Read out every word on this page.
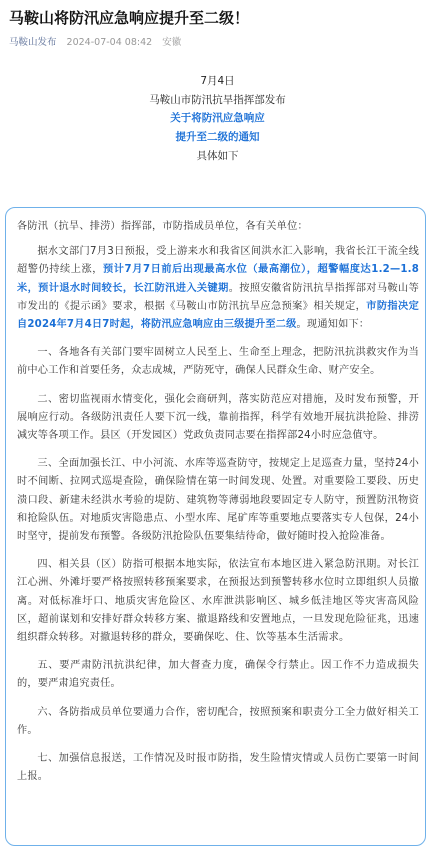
马鞍山将防汛应急响应提升至二级！
马鞍山发布 2024-07-04 08:42 安徽
7月4日
马鞍山市防汛抗旱指挥部发布
关于将防汛应急响应
提升至二级的通知
具体如下

各防汛（抗旱、排涝）指挥部，市防指成员单位，各有关单位：

据水文部门7月3日预报，受上游来水和我省区间洪水汇入影响，我省长江干流全线超警仍持续上涨，预计7月7日前后出现最高水位（最高潮位），超警幅度达1.2—1.8米，预计退水时间较长，长江防汛进入关键期。按照安徽省防汛抗旱指挥部对马鞍山等市发出的《提示函》要求，根据《马鞍山市防汛抗旱应急预案》相关规定，市防指决定自2024年7月4日7时起，将防汛应急响应由三级提升至二级。现通知如下：

一、各地各有关部门要牢固树立人民至上、生命至上理念，把防汛抗洪救灾作为当前中心工作和首要任务，众志成城，严防死守，确保人民群众生命、财产安全。

二、密切监视雨水情变化，强化会商研判，落实防范应对措施，及时发布预警，开展响应行动。各级防汛责任人要下沉一线，靠前指挥，科学有效地开展抗洪抢险、排涝减灾等各项工作。县区（开发园区）党政负责同志要在指挥部24小时应急值守。

三、全面加强长江、中小河流、水库等巡查防守，按规定上足巡查力量，坚持24小时不间断、拉网式巡堤查险，确保险情在第一时间发现、处置。对重要险工要段、历史溃口段、新建未经洪水考验的堤防、建筑物等薄弱地段要固定专人防守，预置防汛物资和抢险队伍。对地质灾害隐患点、小型水库、尾矿库等重要地点要落实专人包保，24小时坚守，提前发布预警。各级防汛抢险队伍要集结待命，做好随时投入抢险准备。

四、相关县（区）防指可根据本地实际，依法宣布本地区进入紧急防汛期。对长江江心洲、外滩圩要严格按照转移预案要求，在预报达到预警转移水位时立即组织人员撤离。对低标准圩口、地质灾害危险区、水库泄洪影响区、城乡低洼地区等灾害高风险区，超前谋划和安排好群众转移方案、撤退路线和安置地点，一旦发现危险征兆，迅速组织群众转移。对撤退转移的群众，要确保吃、住、饮等基本生活需求。

五、要严肃防汛抗洪纪律，加大督查力度，确保令行禁止。因工作不力造成损失的，要严肃追究责任。

六、各防指成员单位要通力合作，密切配合，按照预案和职责分工全力做好相关工作。

七、加强信息报送，工作情况及时报市防指，发生险情灾情或人员伤亡要第一时间上报。
